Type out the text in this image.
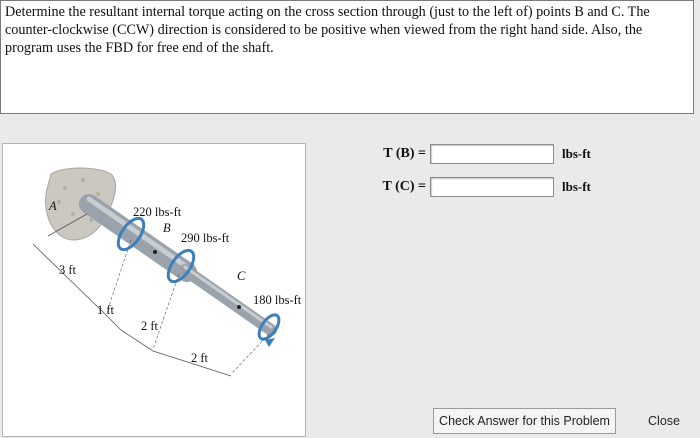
Determine the resultant internal torque acting on the cross section through (just to the left of) points B and C. The counter-clockwise (CCW) direction is considered to be positive when viewed from the right hand side. Also, the program uses the FBD for free end of the shaft.
A
B
C
220 lbs-ft
290 lbs-ft
180 lbs-ft
3 ft
1 ft
2 ft
2 ft
T (B) =	lbs-ft
T (C) =	lbs-ft
Check Answer for this Problem	Close
